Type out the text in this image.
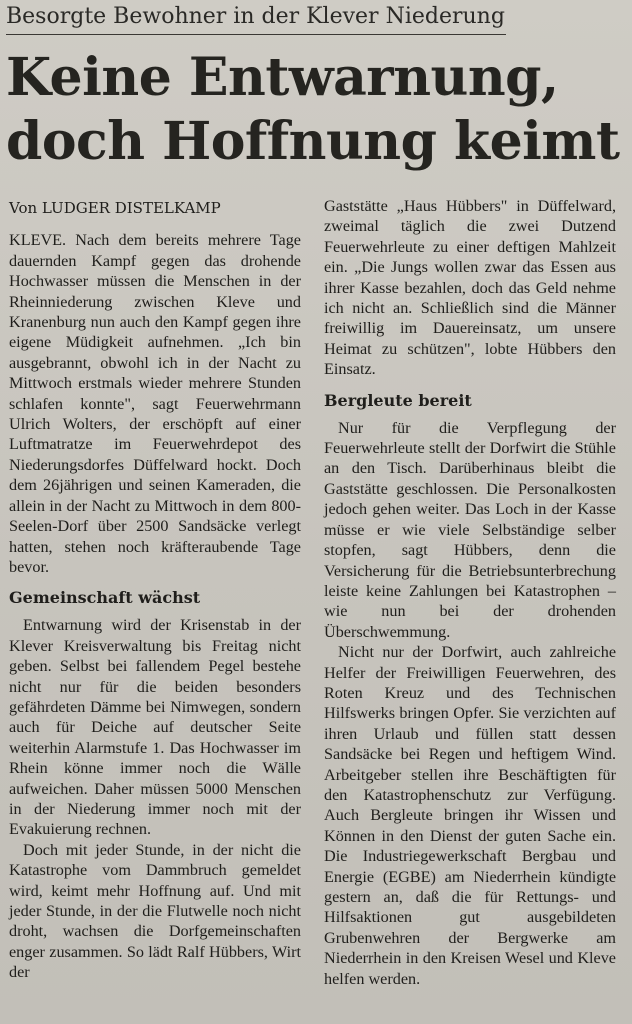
Besorgte Bewohner in der Klever Niederung
Keine Entwarnung,
doch Hoffnung keimt
Von LUDGER DISTELKAMP

KLEVE. Nach dem bereits mehrere Tage dauernden Kampf gegen das drohende Hochwasser müssen die Menschen in der Rheinniederung zwischen Kleve und Kranenburg nun auch den Kampf gegen ihre eigene Müdigkeit aufnehmen. „Ich bin ausgebrannt, obwohl ich in der Nacht zu Mittwoch erstmals wieder mehrere Stunden schlafen konnte", sagt Feuerwehrmann Ulrich Wolters, der erschöpft auf einer Luftmatratze im Feuerwehrdepot des Niederungsdorfes Düffelward hockt. Doch dem 26jährigen und seinen Kameraden, die allein in der Nacht zu Mittwoch in dem 800-Seelen-Dorf über 2500 Sandsäcke verlegt hatten, stehen noch kräfteraubende Tage bevor.

Gemeinschaft wächst

Entwarnung wird der Krisenstab in der Klever Kreisverwaltung bis Freitag nicht geben. Selbst bei fallendem Pegel bestehe nicht nur für die beiden besonders gefährdeten Dämme bei Nimwegen, sondern auch für Deiche auf deutscher Seite weiterhin Alarmstufe 1. Das Hochwasser im Rhein könne immer noch die Wälle aufweichen. Daher müssen 5000 Menschen in der Niederung immer noch mit der Evakuierung rechnen.

Doch mit jeder Stunde, in der nicht die Katastrophe vom Dammbruch gemeldet wird, keimt mehr Hoffnung auf. Und mit jeder Stunde, in der die Flutwelle noch nicht droht, wachsen die Dorfgemeinschaften enger zusammen. So lädt Ralf Hübbers, Wirt der

Gaststätte „Haus Hübbers" in Düffelward, zweimal täglich die zwei Dutzend Feuerwehrleute zu einer deftigen Mahlzeit ein. „Die Jungs wollen zwar das Essen aus ihrer Kasse bezahlen, doch das Geld nehme ich nicht an. Schließlich sind die Männer freiwillig im Dauereinsatz, um unsere Heimat zu schützen", lobte Hübbers den Einsatz.

Bergleute bereit

Nur für die Verpflegung der Feuerwehrleute stellt der Dorfwirt die Stühle an den Tisch. Darüberhinaus bleibt die Gaststätte geschlossen. Die Personalkosten jedoch gehen weiter. Das Loch in der Kasse müsse er wie viele Selbständige selber stopfen, sagt Hübbers, denn die Versicherung für die Betriebsunterbrechung leiste keine Zahlungen bei Katastrophen – wie nun bei der drohenden Überschwemmung.

Nicht nur der Dorfwirt, auch zahlreiche Helfer der Freiwilligen Feuerwehren, des Roten Kreuz und des Technischen Hilfswerks bringen Opfer. Sie verzichten auf ihren Urlaub und füllen statt dessen Sandsäcke bei Regen und heftigem Wind. Arbeitgeber stellen ihre Beschäftigten für den Katastrophenschutz zur Verfügung. Auch Bergleute bringen ihr Wissen und Können in den Dienst der guten Sache ein. Die Industriegewerkschaft Bergbau und Energie (EGBE) am Niederrhein kündigte gestern an, daß die für Rettungs- und Hilfsaktionen gut ausgebildeten Grubenwehren der Bergwerke am Niederrhein in den Kreisen Wesel und Kleve helfen werden.
